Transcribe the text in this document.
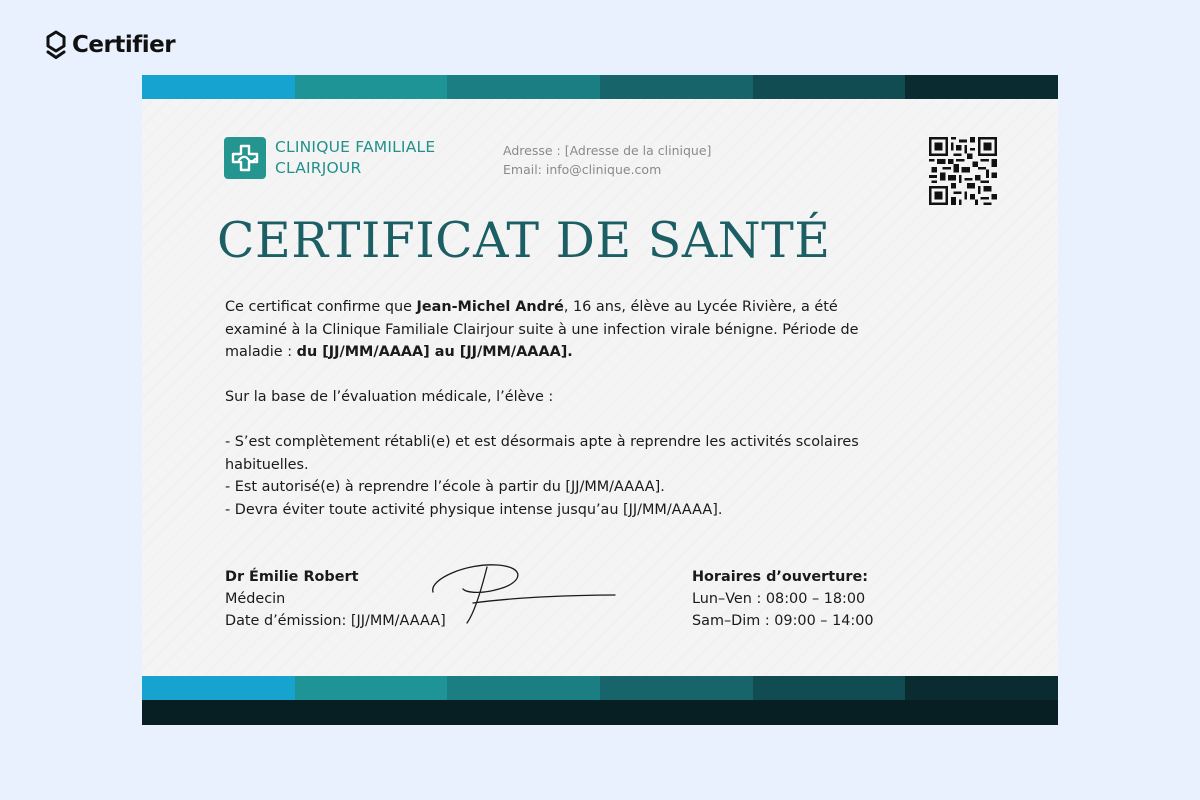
Certifier
CLINIQUE FAMILIALE
CLAIRJOUR
Adresse : [Adresse de la clinique]
Email: info@clinique.com
CERTIFICAT DE SANTÉ

Ce certificat confirme que Jean-Michel André, 16 ans, élève au Lycée Rivière, a été examiné à la Clinique Familiale Clairjour suite à une infection virale bénigne. Période de maladie : du [JJ/MM/AAAA] au [JJ/MM/AAAA].

Sur la base de l’évaluation médicale, l’élève :

- S’est complètement rétabli(e) et est désormais apte à reprendre les activités scolaires habituelles.

- Est autorisé(e) à reprendre l’école à partir du [JJ/MM/AAAA].

- Devra éviter toute activité physique intense jusqu’au [JJ/MM/AAAA].

Dr Émilie Robert
Médecin
Date d’émission: [JJ/MM/AAAA]
Horaires d’ouverture:
Lun–Ven : 08:00 – 18:00
Sam–Dim : 09:00 – 14:00
